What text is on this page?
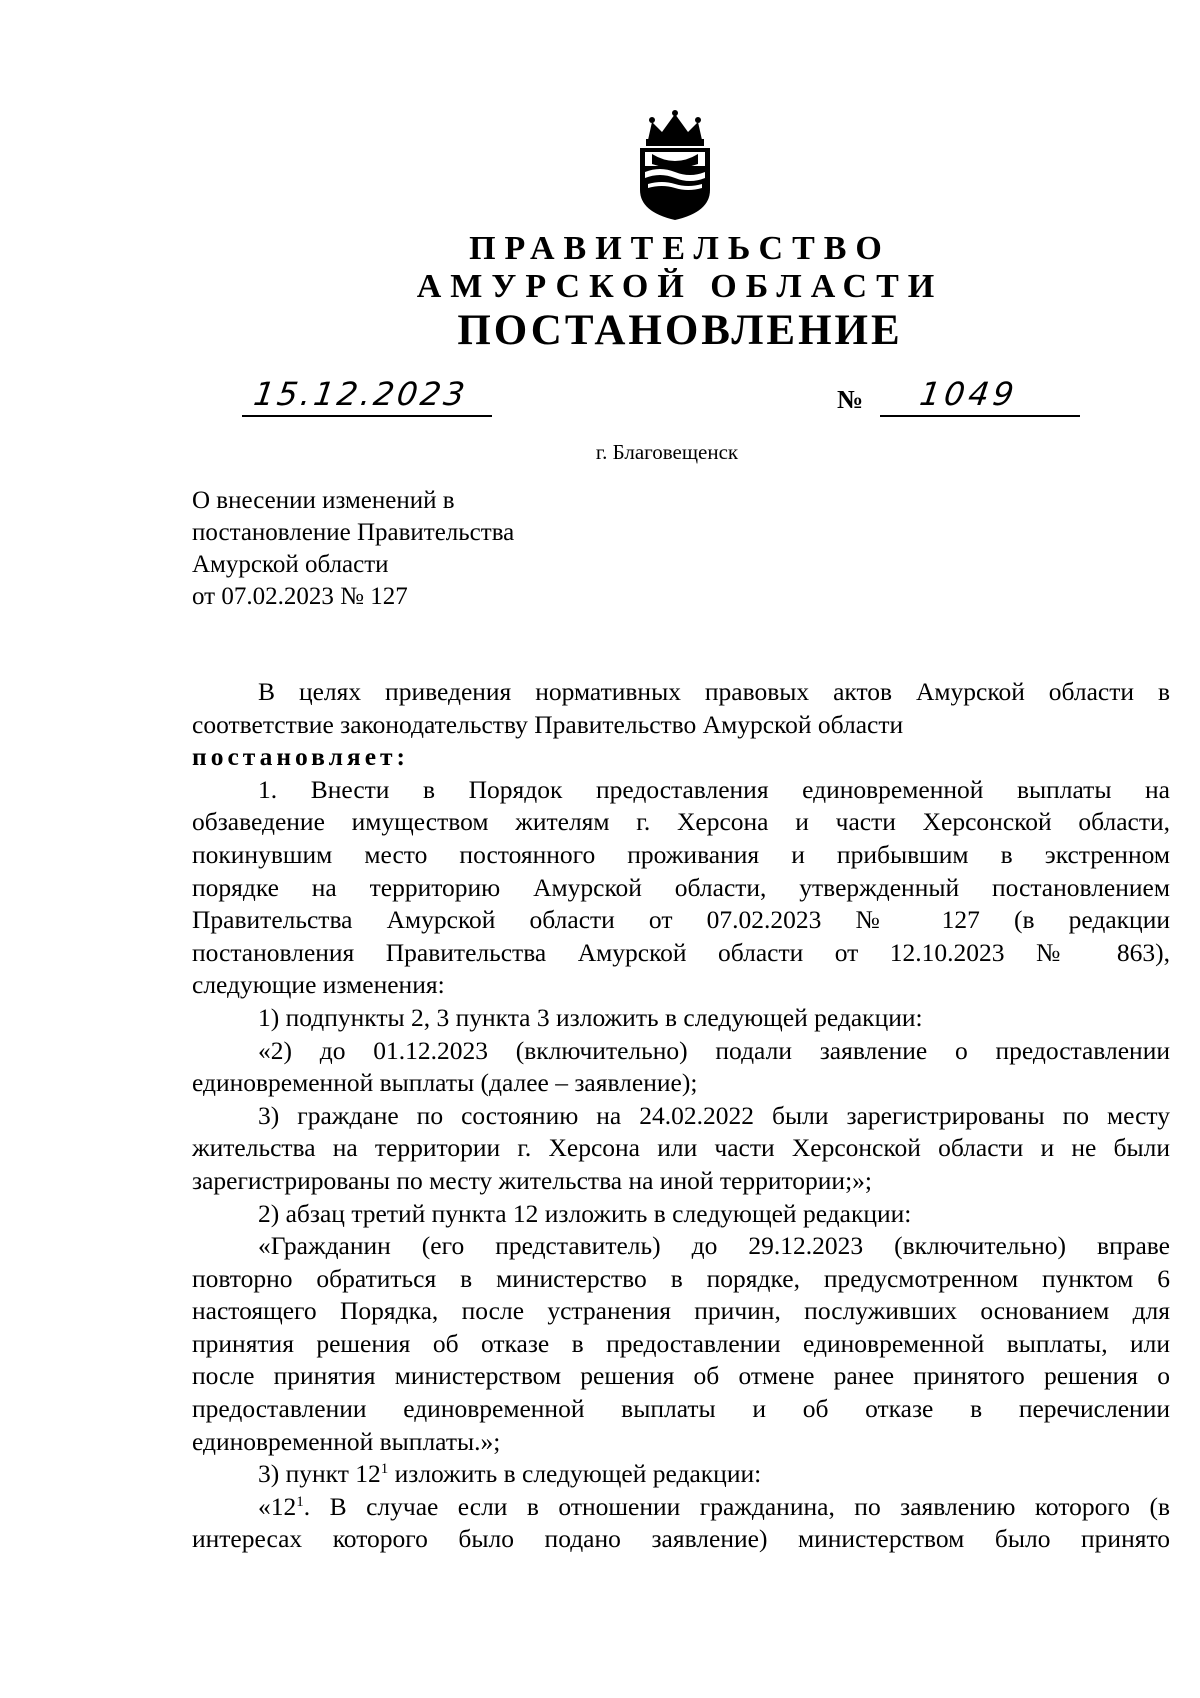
ПРАВИТЕЛЬСТВО
АМУРСКОЙ ОБЛАСТИ
ПОСТАНОВЛЕНИЕ
15.12.2023	№ 1049
г. Благовещенск
О внесении изменений в
постановление Правительства
Амурской области
от 07.02.2023 № 127
В целях приведения нормативных правовых актов Амурской области в
соответствие законодательству Правительство Амурской области
постановляет:
1. Внести в Порядок предоставления единовременной выплаты на
обзаведение имуществом жителям г. Херсона и части Херсонской области,
покинувшим место постоянного проживания и прибывшим в экстренном
порядке на территорию Амурской области, утвержденный постановлением
Правительства Амурской области от 07.02.2023 № 127 (в редакции
постановления Правительства Амурской области от 12.10.2023 № 863),
следующие изменения:
1) подпункты 2, 3 пункта 3 изложить в следующей редакции:
«2) до 01.12.2023 (включительно) подали заявление о предоставлении
единовременной выплаты (далее – заявление);
3) граждане по состоянию на 24.02.2022 были зарегистрированы по месту
жительства на территории г. Херсона или части Херсонской области и не были
зарегистрированы по месту жительства на иной территории;»;
2) абзац третий пункта 12 изложить в следующей редакции:
«Гражданин (его представитель) до 29.12.2023 (включительно) вправе
повторно обратиться в министерство в порядке, предусмотренном пунктом 6
настоящего Порядка, после устранения причин, послуживших основанием для
принятия решения об отказе в предоставлении единовременной выплаты, или
после принятия министерством решения об отмене ранее принятого решения о
предоставлении единовременной выплаты и об отказе в перечислении
единовременной выплаты.»;
3) пункт $12^1$ изложить в следующей редакции:
«$12^1$. В случае если в отношении гражданина, по заявлению которого (в
интересах которого было подано заявление) министерством было принято
